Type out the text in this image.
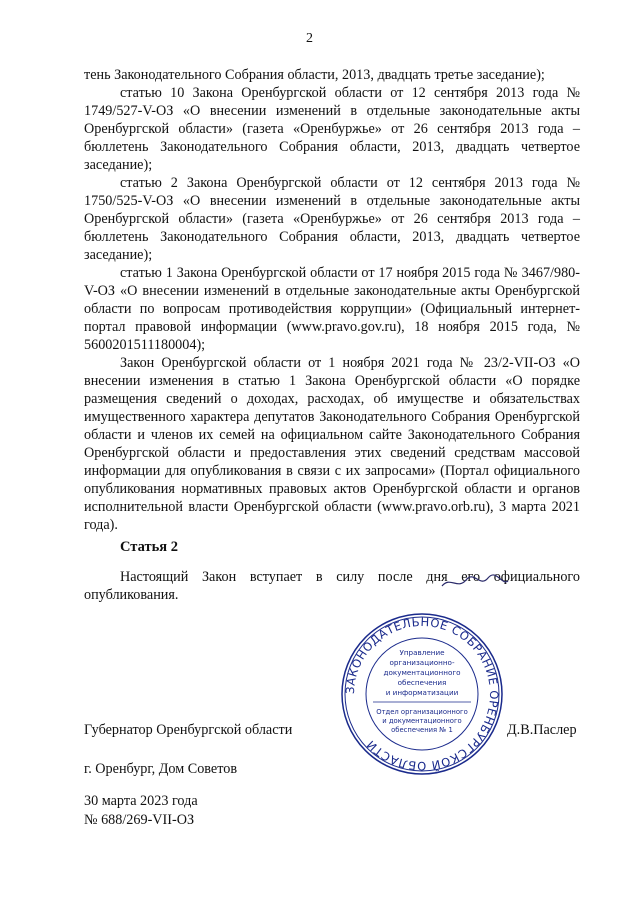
2
тень Законодательного Собрания области, 2013, двадцать третье заседание);
статью 10 Закона Оренбургской области от 12 сентября 2013 года № 1749/527-V-ОЗ «О внесении изменений в отдельные законодательные акты Оренбургской области» (газета «Оренбуржье» от 26 сентября 2013 года – бюллетень Законодательного Собрания области, 2013, двадцать четвертое заседание);
статью 2 Закона Оренбургской области от 12 сентября 2013 года № 1750/525-V-ОЗ «О внесении изменений в отдельные законодательные акты Оренбургской области» (газета «Оренбуржье» от 26 сентября 2013 года – бюллетень Законодательного Собрания области, 2013, двадцать четвертое заседание);
статью 1 Закона Оренбургской области от 17 ноября 2015 года № 3467/980-V-ОЗ «О внесении изменений в отдельные законодательные акты Оренбургской области по вопросам противодействия коррупции» (Официальный интернет-портал правовой информации (www.pravo.gov.ru), 18 ноября 2015 года, № 5600201511180004);
Закон Оренбургской области от 1 ноября 2021 года № 23/2-VII-ОЗ «О внесении изменения в статью 1 Закона Оренбургской области «О порядке размещения сведений о доходах, расходах, об имуществе и обязательствах имущественного характера депутатов Законодательного Собрания Оренбургской области и членов их семей на официальном сайте Законодательного Собрания Оренбургской области и предоставления этих сведений средствам массовой информации для опубликования в связи с их запросами» (Портал официального опубликования нормативных правовых актов Оренбургской области и органов исполнительной власти Оренбургской области (www.pravo.orb.ru), 3 марта 2021 года).
Статья 2
Настоящий Закон вступает в силу после дня его официального опубликования.
ЗАКОНОДАТЕЛЬНОЕ СОБРАНИЕ ОРЕНБУРГСКОЙ ОБЛАСТИ
Управление
организационно-
документационного
обеспечения
и информатизации
Отдел организационного
и документационного
обеспечения № 1
Губернатор Оренбургской области	Д.В.Паслер
г. Оренбург, Дом Советов
30 марта 2023 года
№ 688/269-VII-ОЗ
